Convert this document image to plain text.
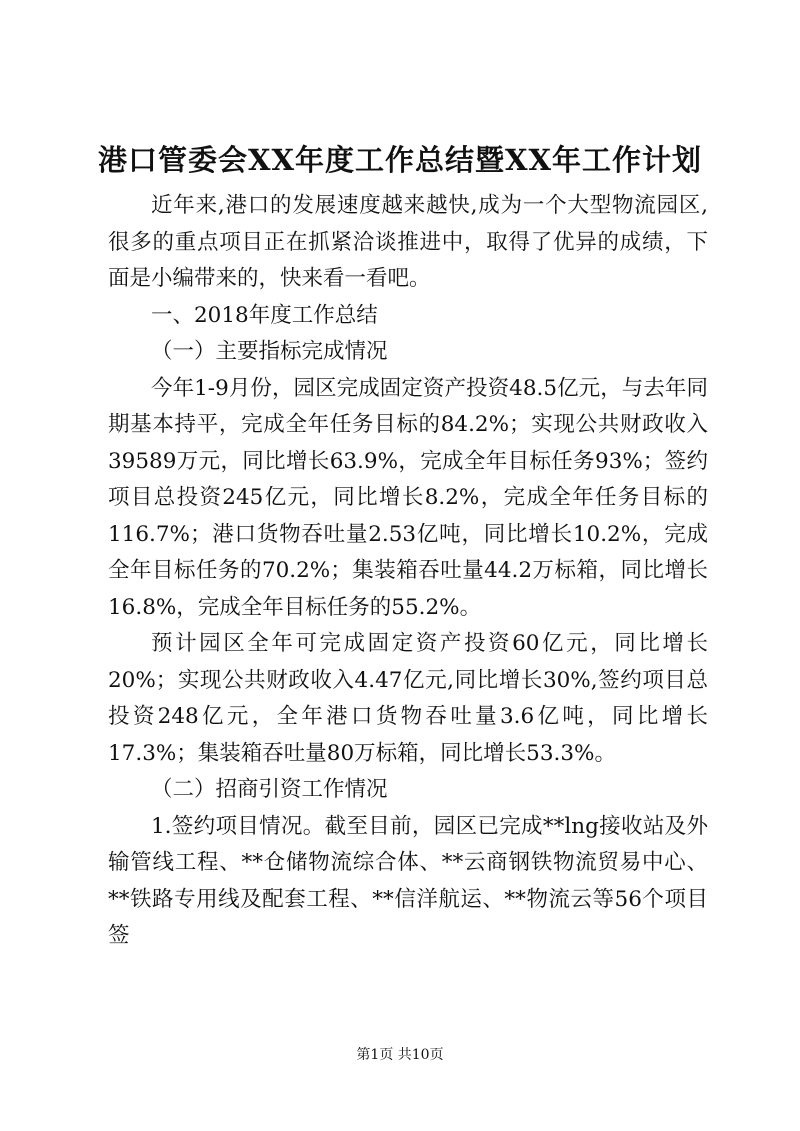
港口管委会XX年度工作总结暨XX年工作计划

近年来,港口的发展速度越来越快,成为一个大型物流园区,很多的重点项目正在抓紧洽谈推进中，取得了优异的成绩，下面是小编带来的，快来看一看吧。

一、2018年度工作总结

（一）主要指标完成情况

今年1-9月份，园区完成固定资产投资48.5亿元，与去年同期基本持平，完成全年任务目标的84.2%；实现公共财政收入39589万元，同比增长63.9%，完成全年目标任务93%；签约项目总投资245亿元，同比增长8.2%，完成全年任务目标的116.7%；港口货物吞吐量2.53亿吨，同比增长10.2%，完成全年目标任务的70.2%；集装箱吞吐量44.2万标箱，同比增长16.8%，完成全年目标任务的55.2%。

预计园区全年可完成固定资产投资60亿元，同比增长20%；实现公共财政收入4.47亿元,同比增长30%,签约项目总投资248亿元，全年港口货物吞吐量3.6亿吨，同比增长17.3%；集装箱吞吐量80万标箱，同比增长53.3%。

（二）招商引资工作情况

1.签约项目情况。截至目前，园区已完成**lng接收站及外输管线工程、**仓储物流综合体、**云商钢铁物流贸易中心、**铁路专用线及配套工程、**信洋航运、**物流云等56个项目签

第1页 共10页
